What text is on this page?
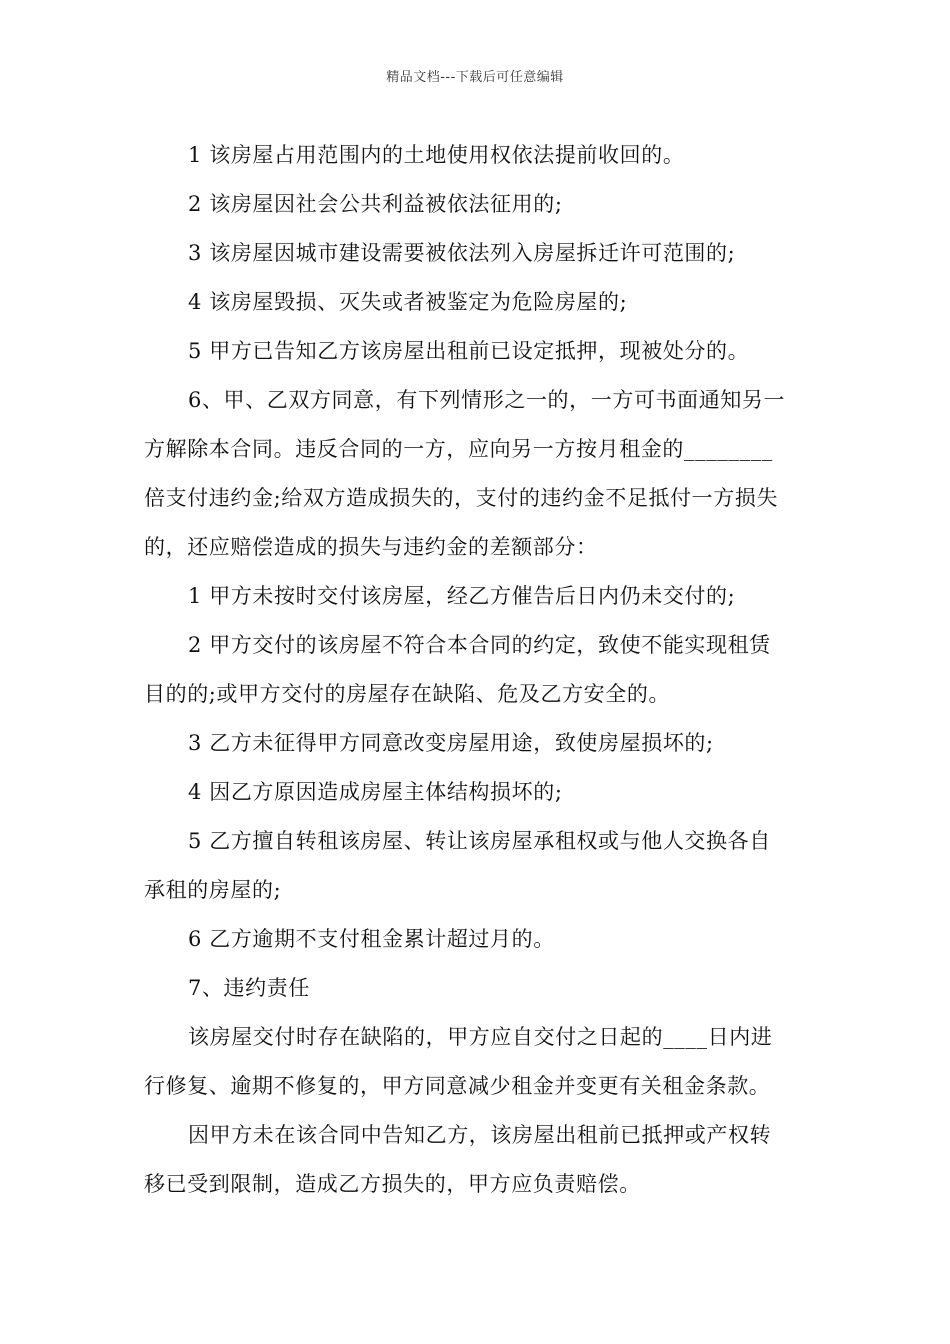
精品文档---下载后可任意编辑
1 该房屋占用范围内的土地使用权依法提前收回的。
2 该房屋因社会公共利益被依法征用的;
3 该房屋因城市建设需要被依法列入房屋拆迁许可范围的;
4 该房屋毁损、灭失或者被鉴定为危险房屋的;
5 甲方已告知乙方该房屋出租前已设定抵押，现被处分的。
6、甲、乙双方同意，有下列情形之一的，一方可书面通知另一
方解除本合同。违反合同的一方，应向另一方按月租金的________
倍支付违约金;给双方造成损失的，支付的违约金不足抵付一方损失
的，还应赔偿造成的损失与违约金的差额部分：
1 甲方未按时交付该房屋，经乙方催告后日内仍未交付的;
2 甲方交付的该房屋不符合本合同的约定，致使不能实现租赁
目的的;或甲方交付的房屋存在缺陷、危及乙方安全的。
3 乙方未征得甲方同意改变房屋用途，致使房屋损坏的;
4 因乙方原因造成房屋主体结构损坏的;
5 乙方擅自转租该房屋、转让该房屋承租权或与他人交换各自
承租的房屋的;
6 乙方逾期不支付租金累计超过月的。
7、违约责任
该房屋交付时存在缺陷的，甲方应自交付之日起的____日内进
行修复、逾期不修复的，甲方同意减少租金并变更有关租金条款。
因甲方未在该合同中告知乙方，该房屋出租前已抵押或产权转
移已受到限制，造成乙方损失的，甲方应负责赔偿。
